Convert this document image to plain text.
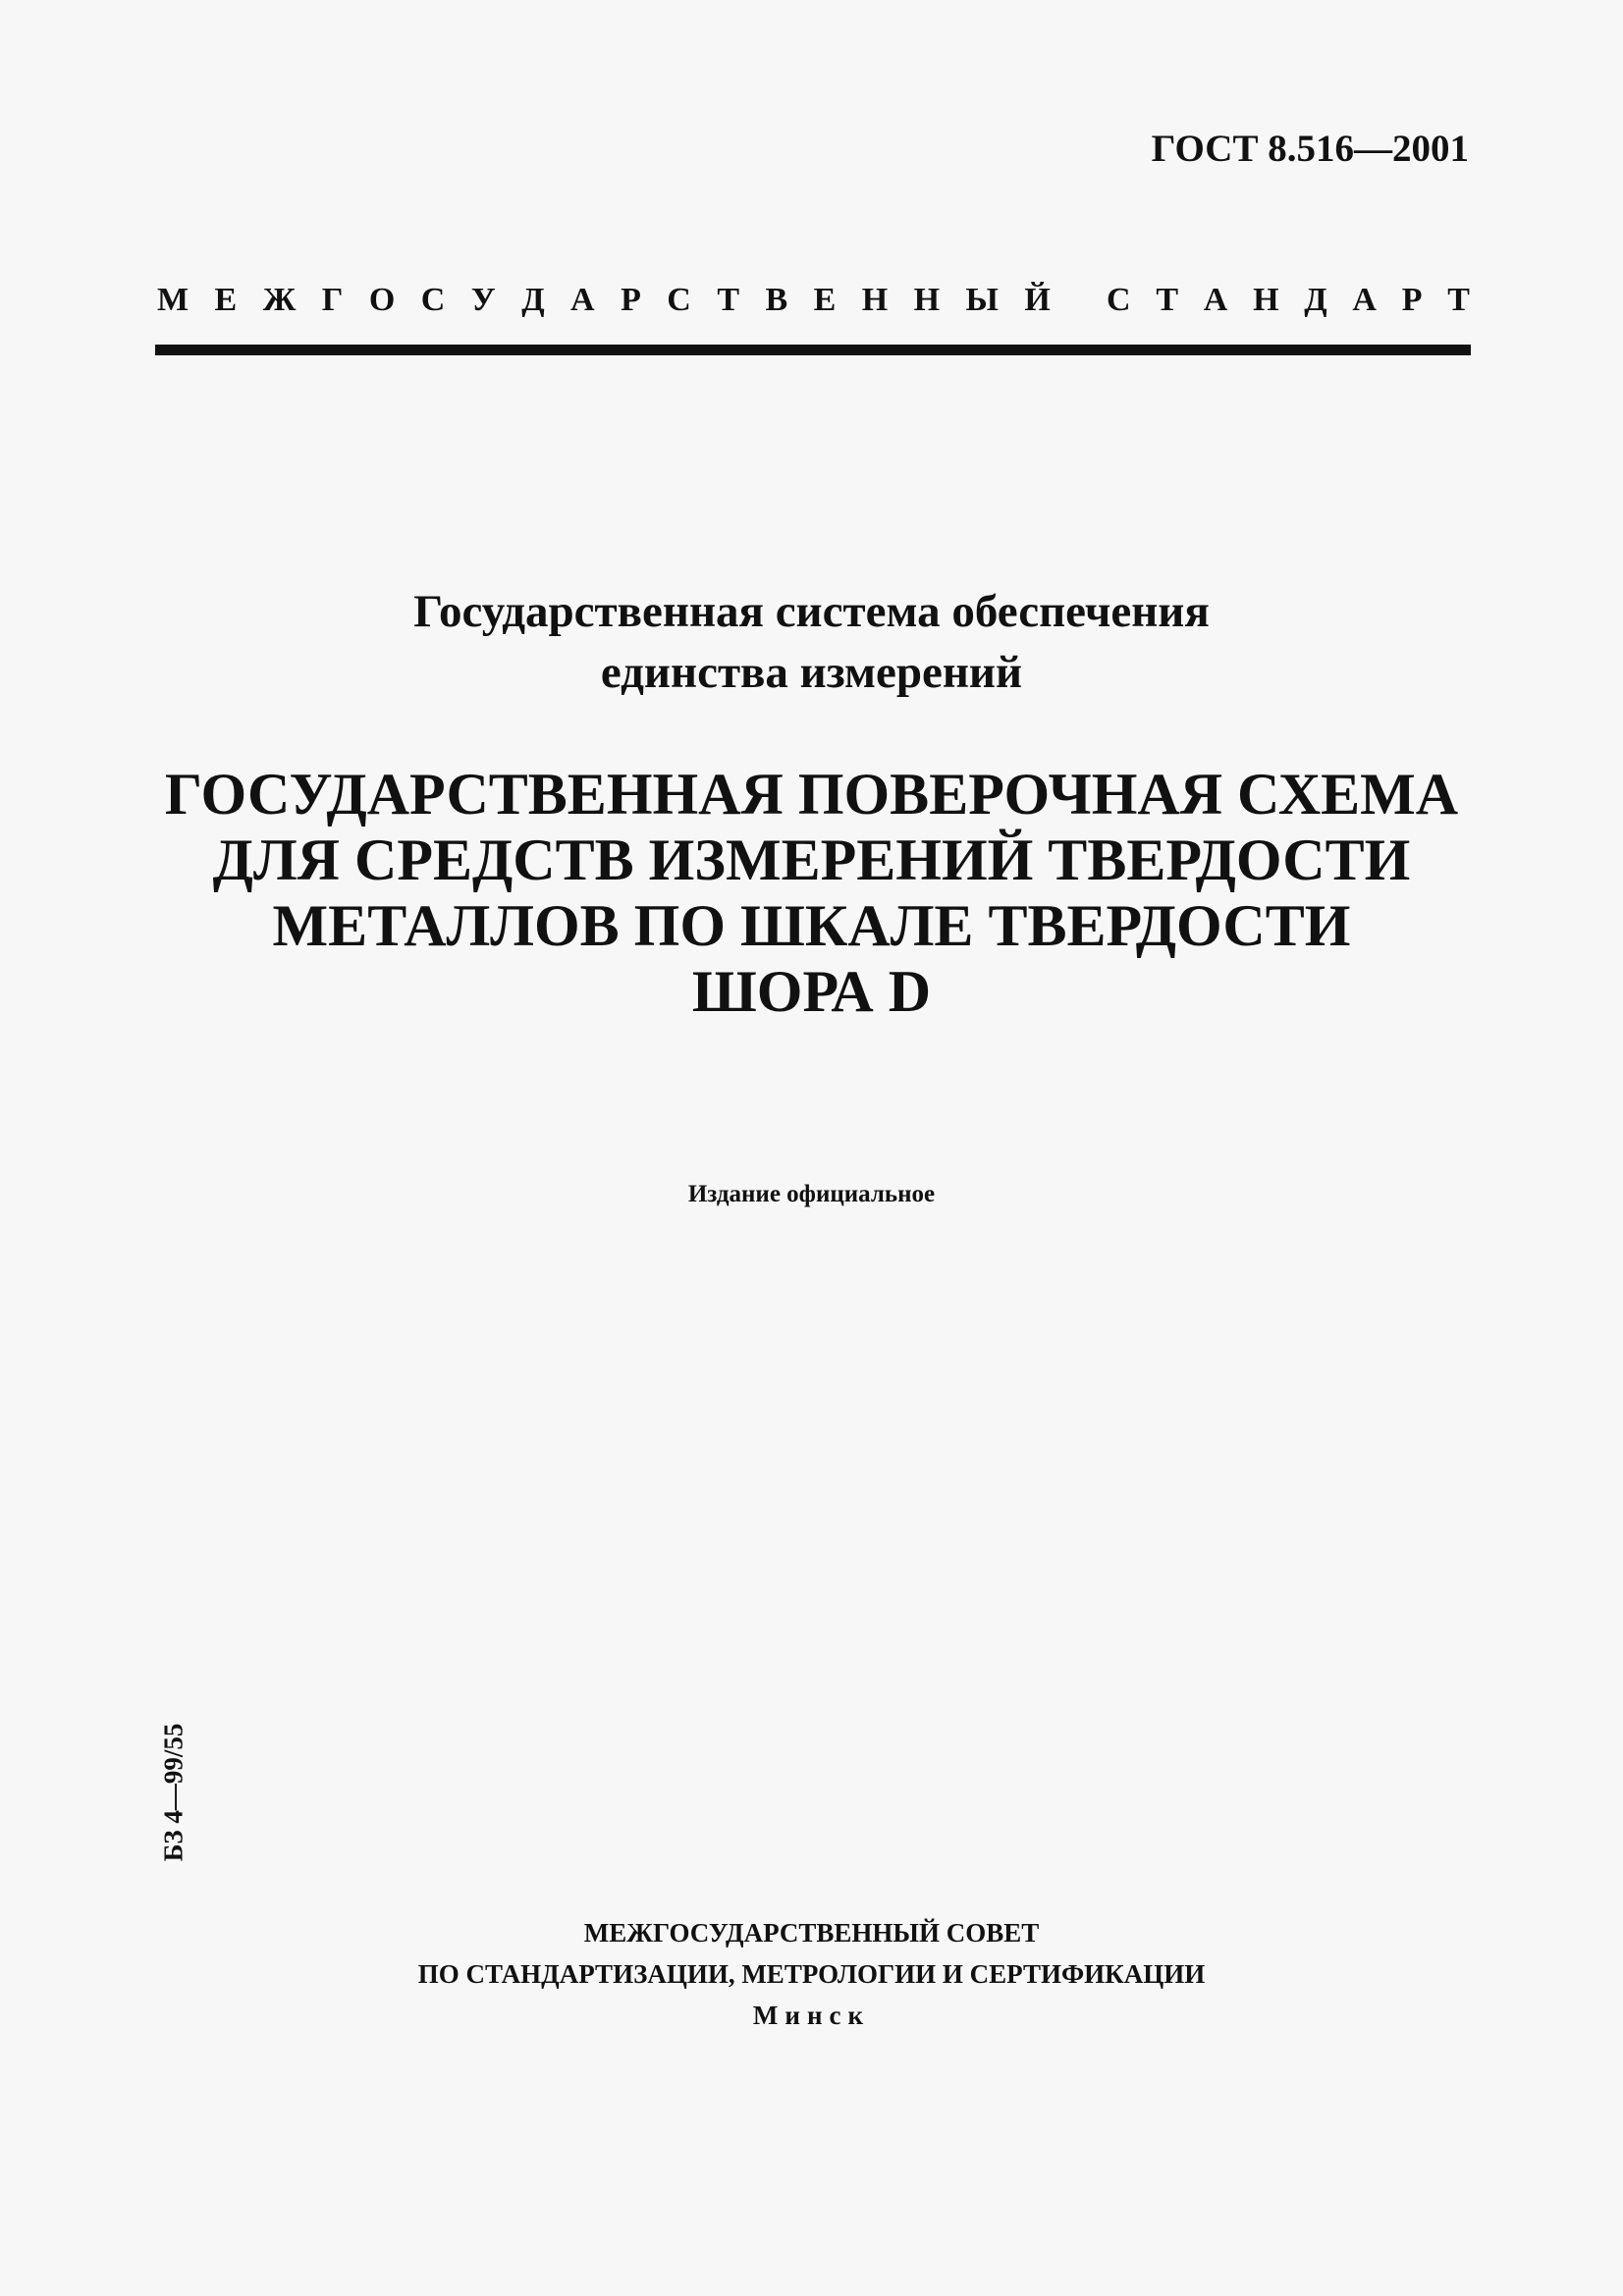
ГОСТ 8.516—2001
М Е Ж Г О С У Д А Р С Т В Е Н Н Ы Й С Т А Н Д А Р Т
Государственная система обеспечения
единства измерений
ГОСУДАРСТВЕННАЯ ПОВЕРОЧНАЯ СХЕМА
ДЛЯ СРЕДСТВ ИЗМЕРЕНИЙ ТВЕРДОСТИ
МЕТАЛЛОВ ПО ШКАЛЕ ТВЕРДОСТИ
ШОРА D
Издание официальное
БЗ 4—99/55
МЕЖГОСУДАРСТВЕННЫЙ СОВЕТ
ПО СТАНДАРТИЗАЦИИ, МЕТРОЛОГИИ И СЕРТИФИКАЦИИ
Минск
